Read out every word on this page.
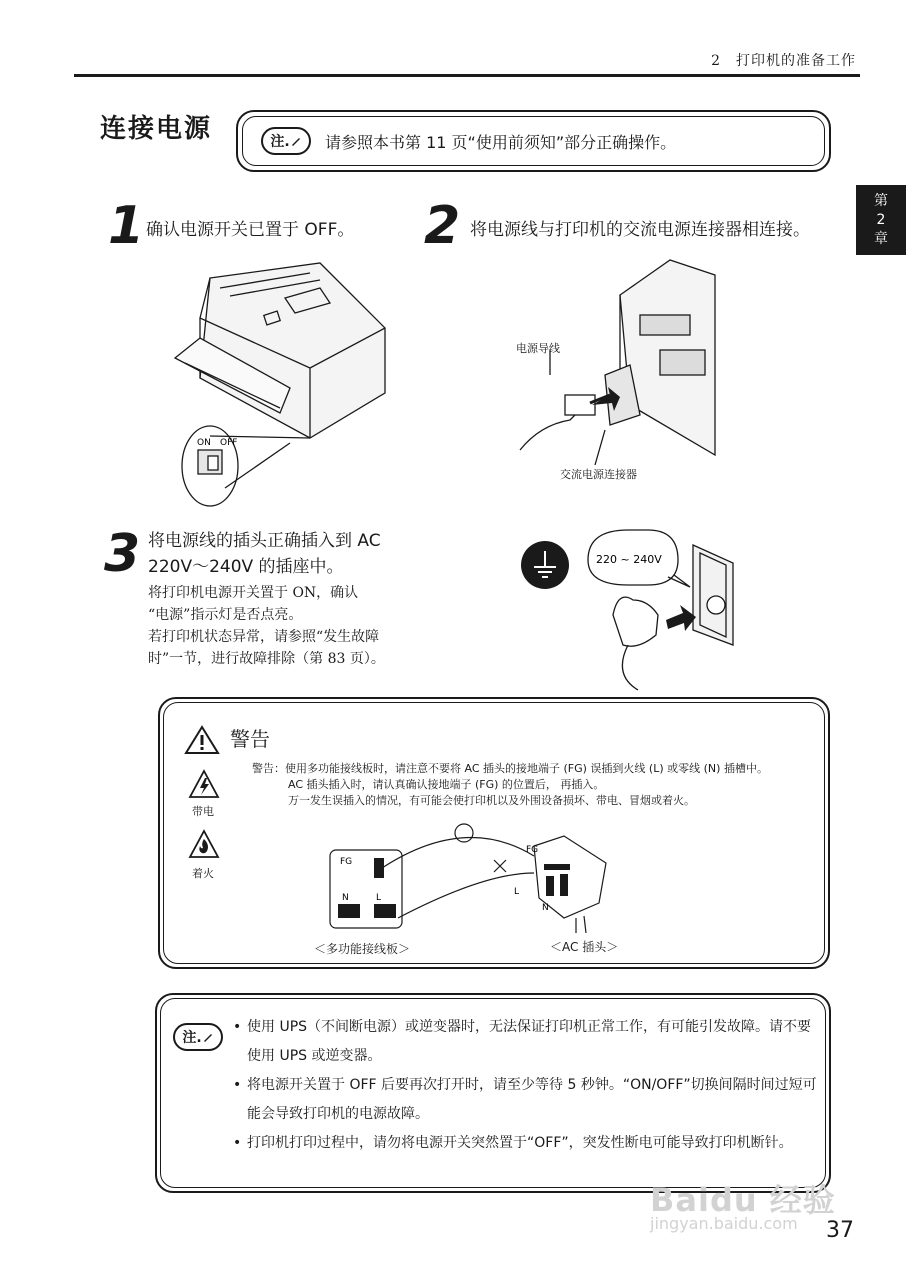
2　打印机的准备工作
第
2
章
连接电源	注. 请参照本书第 11 页“使用前须知”部分正确操作。
1 确认电源开关已置于 OFF。 2 将电源线与打印机的交流电源连接器相连接。
ON OFF
电源导线
交流电源连接器
3 将电源线的插头正确插入到 AC
220V～240V 的插座中。
将打印机电源开关置于 ON，确认
“电源”指示灯是否点亮。
若打印机状态异常，请参照“发生故障
时”一节，进行故障排除（第 83 页）。
220 ~ 240V
警告
带电
着火
警告：使用多功能接线板时，请注意不要将 AC 插头的接地端子 (FG) 误插到火线 (L) 或零线 (N) 插槽中。
AC 插头插入时，请认真确认接地端子 (FG) 的位置后， 再插入。
万一发生误插入的情况，有可能会使打印机以及外围设备损坏、带电、冒烟或着火。
FG
N	L
FG
L
N
＜多功能接线板＞	＜AC 插头＞
注.
• 使用 UPS（不间断电源）或逆变器时，无法保证打印机正常工作，有可能引发故障。请不要使用 UPS 或逆变器。
• 将电源开关置于 OFF 后要再次打开时，请至少等待 5 秒钟。“ON/OFF”切换间隔时间过短可能会导致打印机的电源故障。
• 打印机打印过程中，请勿将电源开关突然置于“OFF”，突发性断电可能导致打印机断针。
Baidu 经验
jingyan.baidu.com 37
